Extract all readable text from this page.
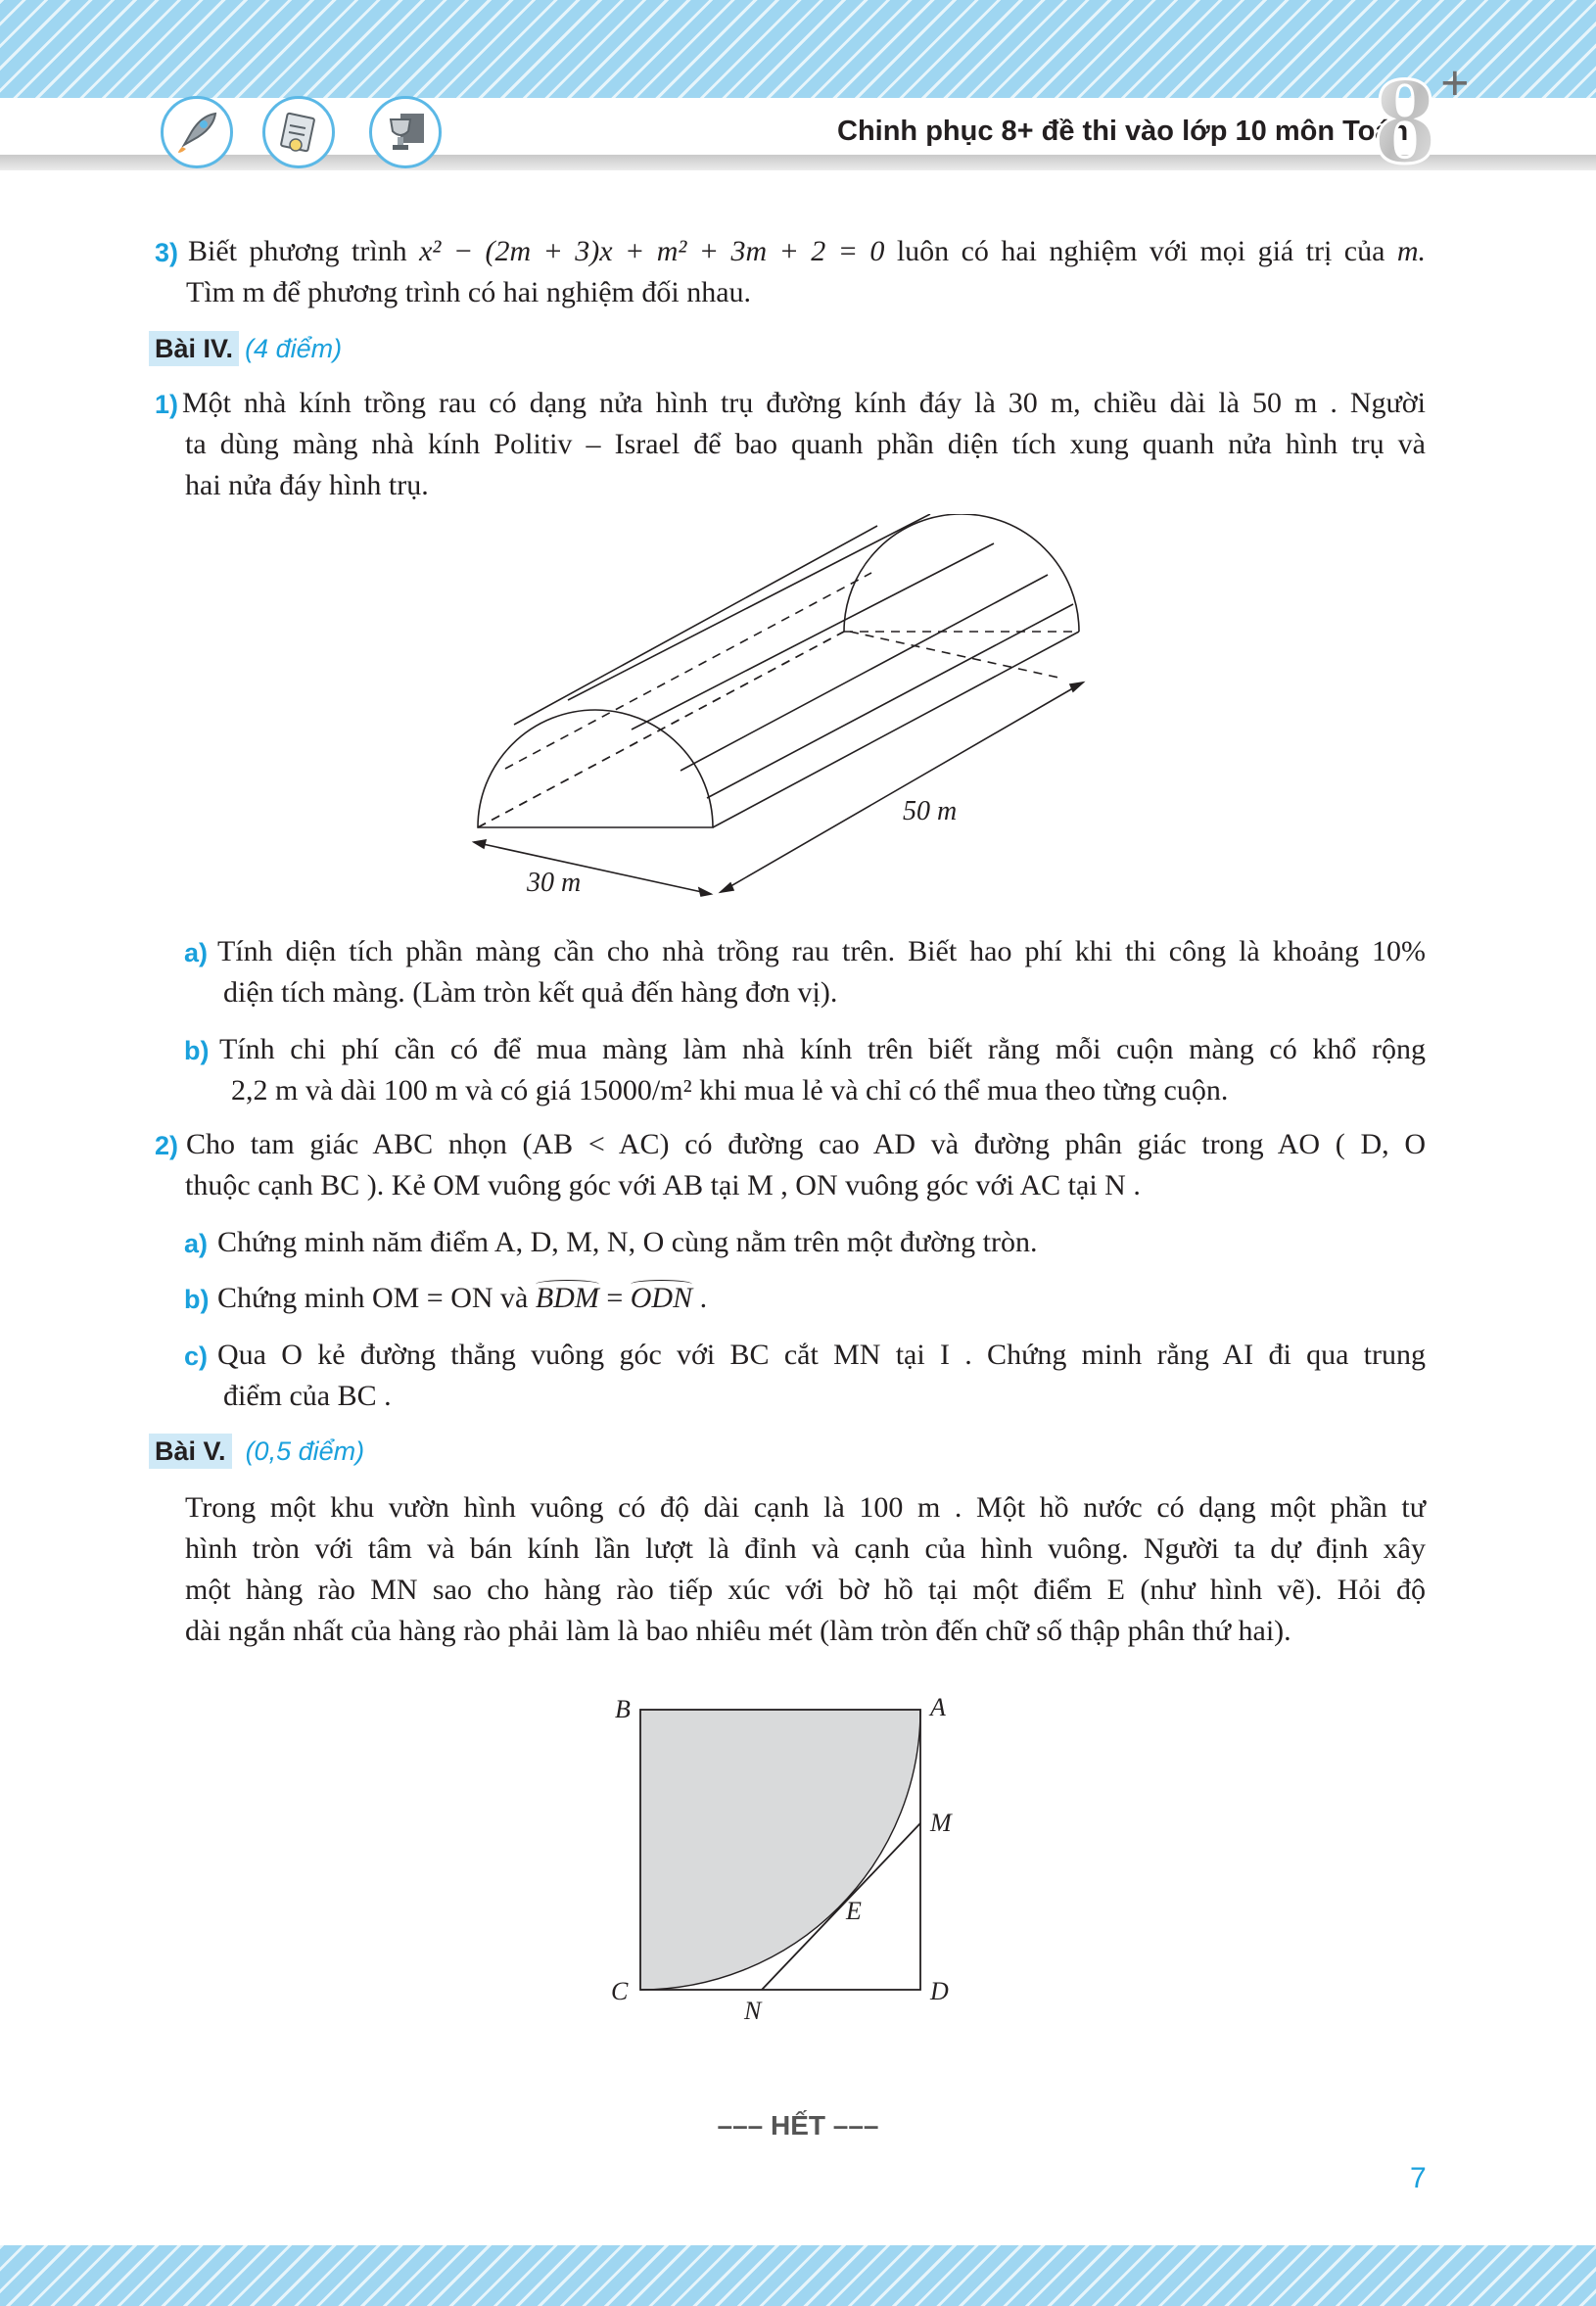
Chinh phục 8+ đề thi vào lớp 10 môn Toán
8 +
3) Biết phương trình x² − (2m + 3)x + m² + 3m + 2 = 0 luôn có hai nghiệm với mọi giá trị của m.
Tìm m để phương trình có hai nghiệm đối nhau.
Bài IV. (4 điểm)
1) Một nhà kính trồng rau có dạng nửa hình trụ đường kính đáy là 30 m, chiều dài là 50 m . Người
ta dùng màng nhà kính Politiv – Israel để bao quanh phần diện tích xung quanh nửa hình trụ và
hai nửa đáy hình trụ.
30 m
50 m
a) Tính diện tích phần màng cần cho nhà trồng rau trên. Biết hao phí khi thi công là khoảng 10%
diện tích màng. (Làm tròn kết quả đến hàng đơn vị).
b) Tính chi phí cần có để mua màng làm nhà kính trên biết rằng mỗi cuộn màng có khổ rộng
2,2 m và dài 100 m và có giá 15000/m² khi mua lẻ và chỉ có thể mua theo từng cuộn.
2) Cho tam giác ABC nhọn (AB < AC) có đường cao AD và đường phân giác trong AO ( D, O
thuộc cạnh BC ). Kẻ OM vuông góc với AB tại M , ON vuông góc với AC tại N .
a) Chứng minh năm điểm A, D, M, N, O cùng nằm trên một đường tròn.
b) Chứng minh OM = ON và
BDM =
ODN .
c) Qua O kẻ đường thẳng vuông góc với BC cắt MN tại I . Chứng minh rằng AI đi qua trung
điểm của BC .
Bài V. (0,5 điểm)
Trong một khu vườn hình vuông có độ dài cạnh là 100 m . Một hồ nước có dạng một phần tư
hình tròn với tâm và bán kính lần lượt là đỉnh và cạnh của hình vuông. Người ta dự định xây
một hàng rào MN sao cho hàng rào tiếp xúc với bờ hồ tại một điểm E (như hình vẽ). Hỏi độ
dài ngắn nhất của hàng rào phải làm là bao nhiêu mét (làm tròn đến chữ số thập phân thứ hai).
B	A
M
E
C
N
D
––– HẾT –––
7
